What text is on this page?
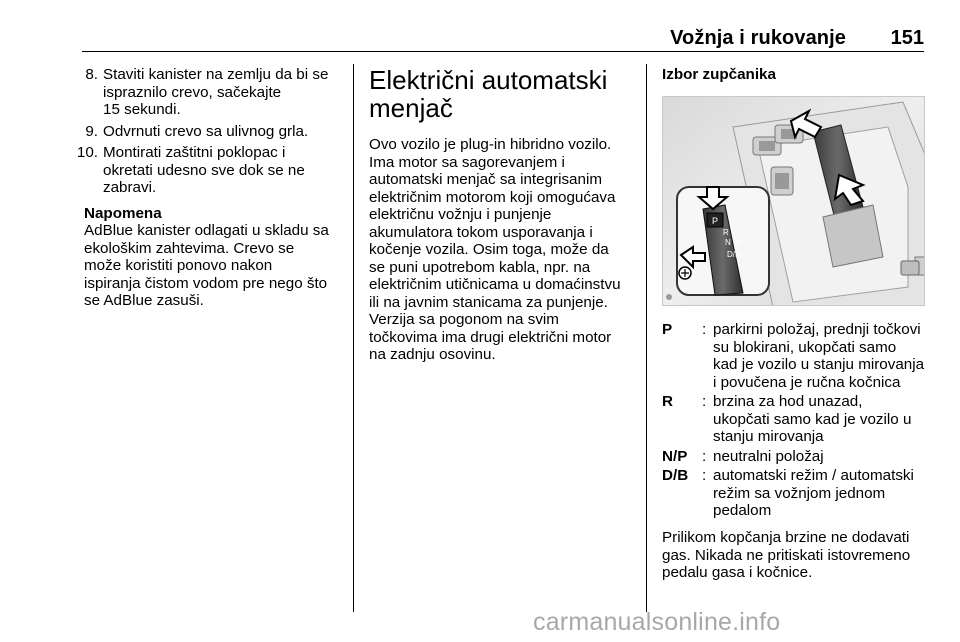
Vožnja i rukovanje 151
8. Staviti kanister na zemlju da bi se
ispraznilo crevo, sačekajte
15 sekundi.
9. Odvrnuti crevo sa ulivnog grla.
10. Montirati zaštitni poklopac i
okretati udesno sve dok se ne
zabravi.
Napomena
AdBlue kanister odlagati u skladu sa
ekološkim zahtevima. Crevo se
može koristiti ponovo nakon
ispiranja čistom vodom pre nego što
se AdBlue zasuši.
Električni automatski
menjač
Ovo vozilo je plug-in hibridno vozilo.
Ima motor sa sagorevanjem i
automatski menjač sa integrisanim
električnim motorom koji omogućava
električnu vožnju i punjenje
akumulatora tokom usporavanja i
kočenje vozila. Osim toga, može da
se puni upotrebom kabla, npr. na
električnim utičnicama u domaćinstvu
ili na javnim stanicama za punjenje.
Verzija sa pogonom na svim
točkovima ima drugi električni motor
na zadnju osovinu.
Izbor zupčanika
P
R
N P
D/B
P	: parkirni položaj, prednji točkovi
su blokirani, ukopčati samo
kad je vozilo u stanju mirovanja
i povučena je ručna kočnica
R	: brzina za hod unazad,
ukopčati samo kad je vozilo u
stanju mirovanja
N/P : neutralni položaj
D/B : automatski režim / automatski
režim sa vožnjom jednom
pedalom
Prilikom kopčanja brzine ne dodavati
gas. Nikada ne pritiskati istovremeno
pedalu gasa i kočnice.
carmanualsonline.info
